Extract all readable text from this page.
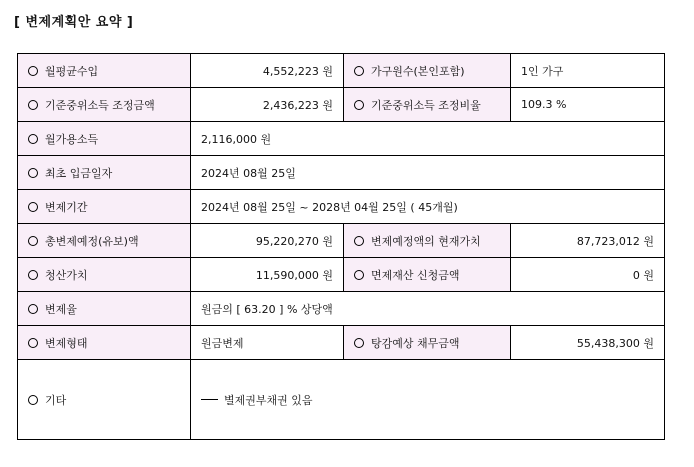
[ 변제계획안 요약 ]
월평균수입	4,552,223 원	가구원수(본인포함)	1인 가구
기준중위소득 조정금액	2,436,223 원	기준중위소득 조정비율	109.3 %
월가용소득	2,116,000 원		
최초 입금일자	2024년 08월 25일		
변제기간	2024년 08월 25일 ~ 2028년 04월 25일 ( 45개월)		
총변제예정(유보)액	95,220,270 원	변제예정액의 현재가치	87,723,012 원
청산가치	11,590,000 원	면제재산 신청금액	0 원
변제율	원금의 [ 63.20 ] % 상당액		
변제형태	원금변제	탕감예상 채무금액	55,438,300 원
기타	별제권부채권 있음		
